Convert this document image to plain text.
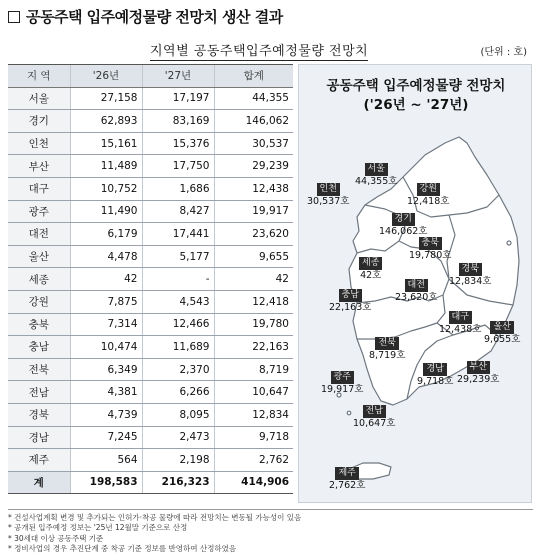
공동주택 입주예정물량 전망치 생산 결과
지역별 공동주택입주예정물량 전망치	(단위 : 호)
지 역	'26년	'27년	합계
서울	27,158	17,197	44,355
경기	62,893	83,169	146,062
인천	15,161	15,376	30,537
부산	11,489	17,750	29,239
대구	10,752	1,686	12,438
광주	11,490	8,427	19,917
대전	6,179	17,441	23,620
울산	4,478	5,177	9,655
세종	42	-	42
강원	7,875	4,543	12,418
충북	7,314	12,466	19,780
충남	10,474	11,689	22,163
전북	6,349	2,370	8,719
전남	4,381	6,266	10,647
경북	4,739	8,095	12,834
경남	7,245	2,473	9,718
제주	564	2,198	2,762
계	198,583	216,323	414,906
공동주택 입주예정물량 전망치
('26년 ~ '27년)
서울
44,355호
인천
30,537호
강원
12,418호
경기
146,062호
충북
19,780호
세종
42호
경북
12,834호
충남
22,163호
대전
23,620호
대구
12,438호	울산
9,655호
전북
8,719호
광주
19,917호
경남
9,718호
부산
29,239호
전남
10,647호
제주
2,762호
* 건설사업계획 변경 및 추가되는 인허가·착공 물량에 따라 전망치는 변동될 가능성이 있음
* 공개된 입주예정 정보는 '25년 12월말 기준으로 산정
* 30세대 이상 공동주택 기준
* 정비사업의 경우 추진단계 중 착공 기준 정보를 반영하여 산정하였음
